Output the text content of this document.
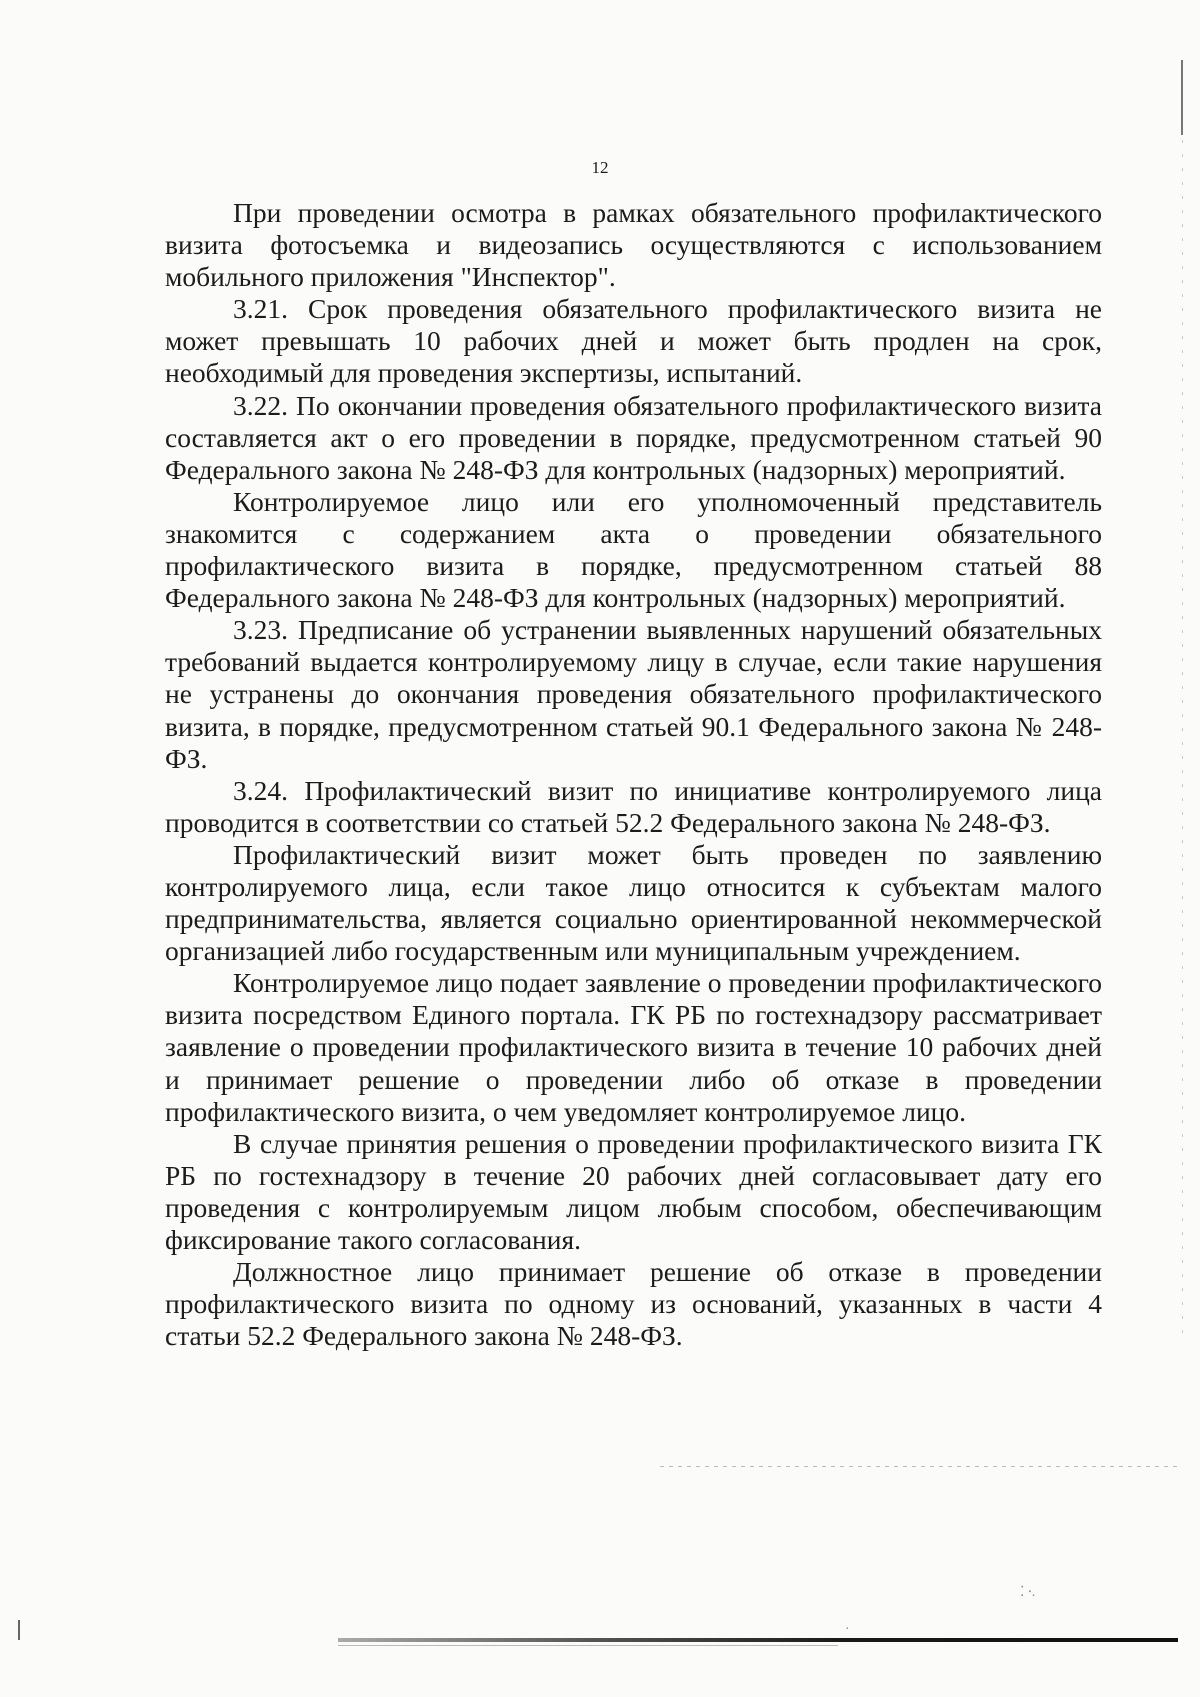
12

При проведении осмотра в рамках обязательного профилактического визита фотосъемка и видеозапись осуществляются с использованием мобильного приложения "Инспектор".

3.21. Срок проведения обязательного профилактического визита не может превышать 10 рабочих дней и может быть продлен на срок, необходимый для проведения экспертизы, испытаний.

3.22. По окончании проведения обязательного профилактического визита составляется акт о его проведении в порядке, предусмотренном статьей 90 Федерального закона № 248-ФЗ для контрольных (надзорных) мероприятий.

Контролируемое лицо или его уполномоченный представитель знакомится с содержанием акта о проведении обязательного профилактического визита в порядке, предусмотренном статьей 88 Федерального закона № 248-ФЗ для контрольных (надзорных) мероприятий.

3.23. Предписание об устранении выявленных нарушений обязательных требований выдается контролируемому лицу в случае, если такие нарушения не устранены до окончания проведения обязательного профилактического визита, в порядке, предусмотренном статьей 90.1 Федерального закона № 248-ФЗ.

3.24. Профилактический визит по инициативе контролируемого лица проводится в соответствии со статьей 52.2 Федерального закона № 248-ФЗ.

Профилактический визит может быть проведен по заявлению контролируемого лица, если такое лицо относится к субъектам малого предпринимательства, является социально ориентированной некоммерческой организацией либо государственным или муниципальным учреждением.

Контролируемое лицо подает заявление о проведении профилактического визита посредством Единого портала. ГК РБ по гостехнадзору рассматривает заявление о проведении профилактического визита в течение 10 рабочих дней и принимает решение о проведении либо об отказе в проведении профилактического визита, о чем уведомляет контролируемое лицо.

В случае принятия решения о проведении профилактического визита ГК РБ по гостехнадзору в течение 20 рабочих дней согласовывает дату его проведения с контролируемым лицом любым способом, обеспечивающим фиксирование такого согласования.

Должностное лицо принимает решение об отказе в проведении профилактического визита по одному из оснований, указанных в части 4 статьи 52.2 Федерального закона № 248-ФЗ.

⁚ ⸱.
·
